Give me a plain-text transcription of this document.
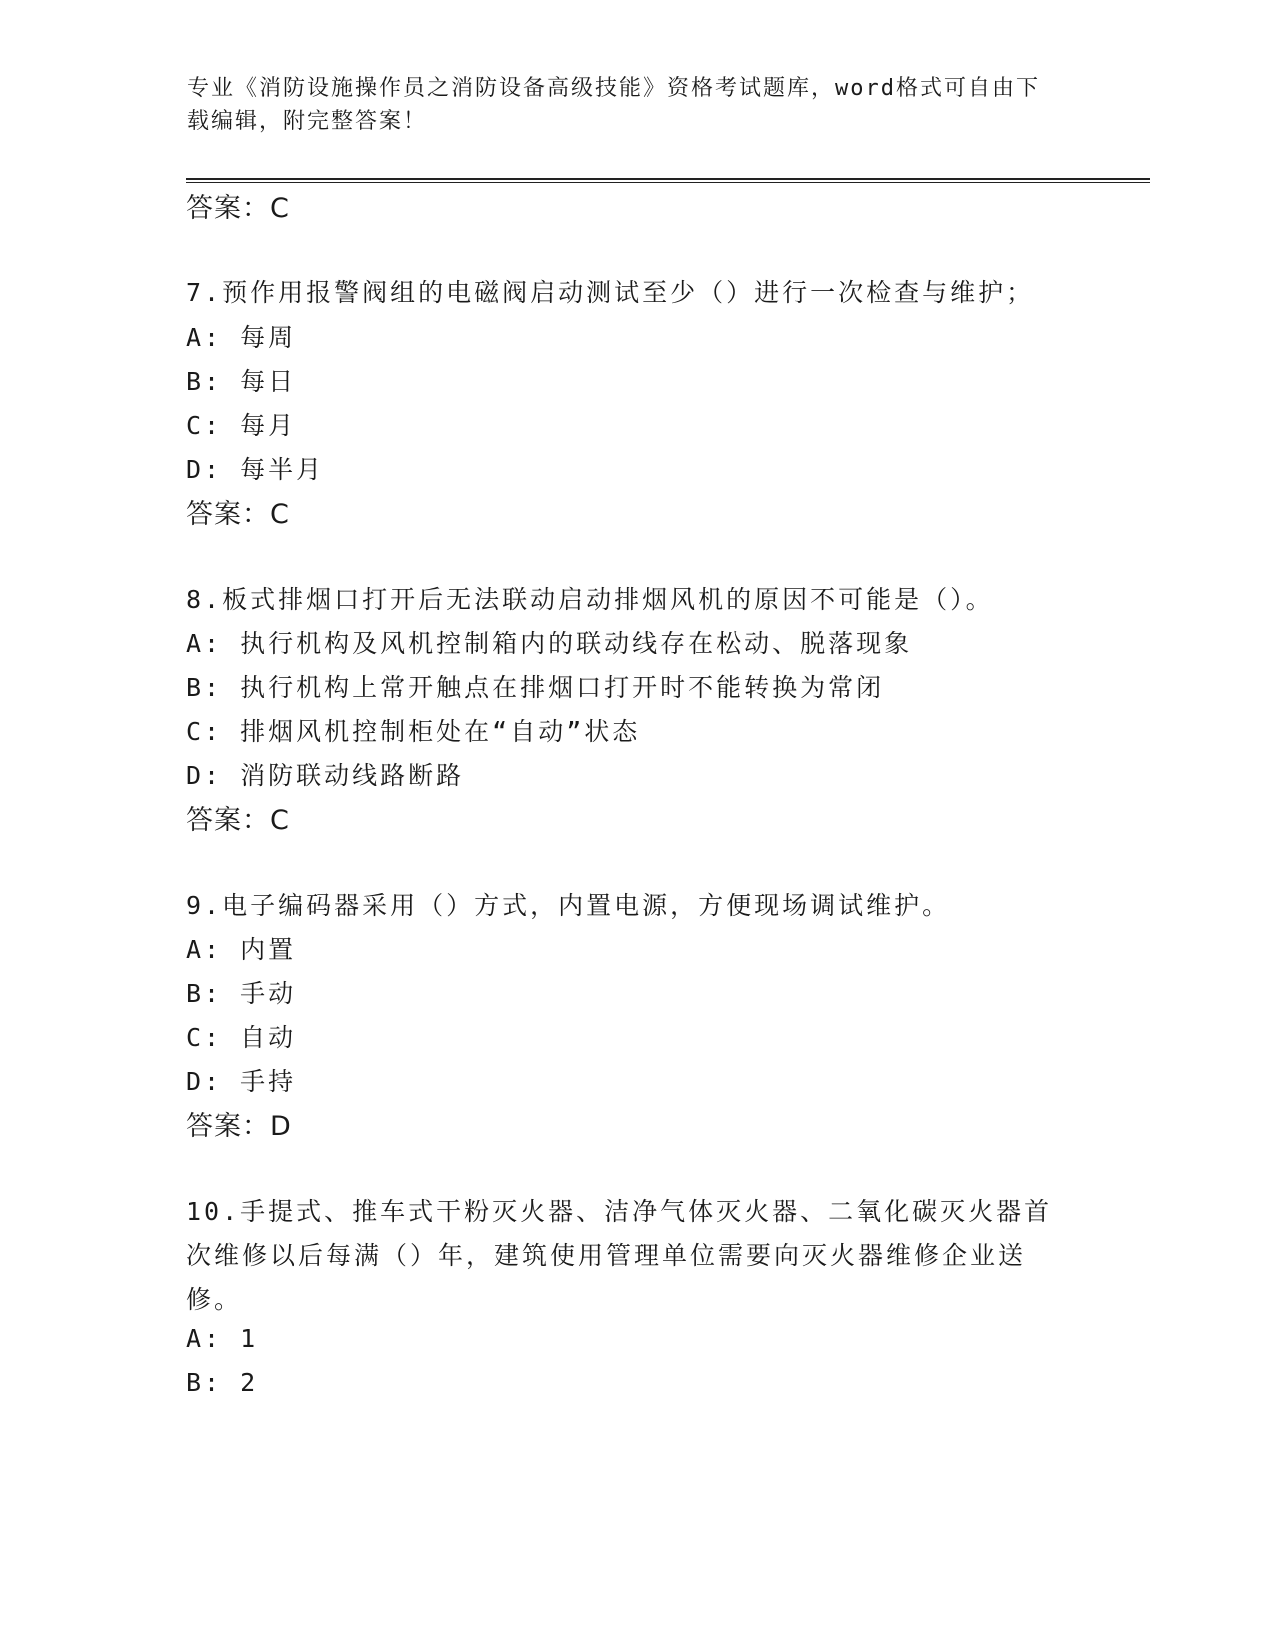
专业《消防设施操作员之消防设备高级技能》资格考试题库，word格式可自由下
载编辑，附完整答案！
答案：C
7.预作用报警阀组的电磁阀启动测试至少（）进行一次检查与维护；
A: 每周
B: 每日
C: 每月
D: 每半月
答案：C
8.板式排烟口打开后无法联动启动排烟风机的原因不可能是（）。
A: 执行机构及风机控制箱内的联动线存在松动、脱落现象
B: 执行机构上常开触点在排烟口打开时不能转换为常闭
C: 排烟风机控制柜处在“自动”状态
D: 消防联动线路断路
答案：C
9.电子编码器采用（）方式，内置电源，方便现场调试维护。
A: 内置
B: 手动
C: 自动
D: 手持
答案：D
10.手提式、推车式干粉灭火器、洁净气体灭火器、二氧化碳灭火器首
次维修以后每满（）年，建筑使用管理单位需要向灭火器维修企业送
修。
A: 1
B: 2
